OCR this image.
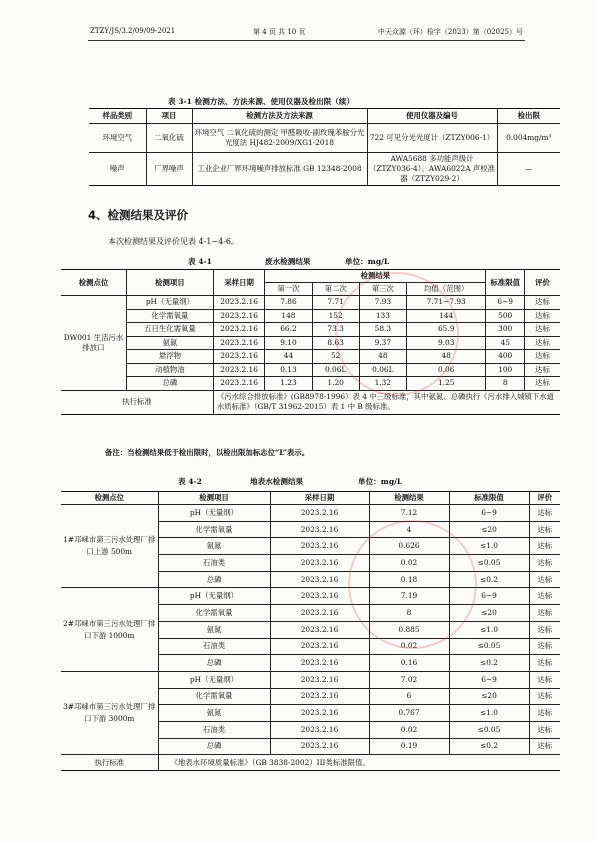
ZTZY/JS/3.2/09/09-2021	第 4 页 共 10 页	中天众源（环）检字（2023）第（02025）号
表 3-1 检测方法、方法来源、使用仪器及检出限（续）
样品类别	项目	检测方法及方法来源	使用仪器及编号	检出限
环境空气	二氧化硫	环境空气 二氧化硫的测定 甲醛吸收-副玫瑰苯胺分光光度法 HJ482-2009/XG1-2018	722 可见分光光度计（ZTZY006-1）	0.004mg/m³
噪声	厂界噪声	工业企业厂界环境噪声排放标准 GB 12348-2008	AWA5688 多功能声级计（ZTZY036-4）、AWA6022A 声校准器（ZTZY029-2）	—
4、检测结果及评价
本次检测结果及评价见表 4-1~4-6。
表 4-1	废水检测结果	单位：mg/L
检测点位	检测项目	采样日期	检测结果				标准限值	评价
			第一次	第二次	第三次	均值（范围）		
DW001 生活污水排放口	pH（无量纲）	2023.2.16	7.86	7.71	7.93	7.71~7.93	6~9	达标
	化学需氧量	2023.2.16	148	152	133	144	500	达标
	五日生化需氧量	2023.2.16	66.2	73.3	58.3	65.9	300	达标
	氨氮	2023.2.16	9.10	8.63	9.37	9.03	45	达标
	悬浮物	2023.2.16	44	52	48	48	400	达标
	动植物油	2023.2.16	0.13	0.06L	0.06L	0.06	100	达标
	总磷	2023.2.16	1.23	1.20	1.32	1.25	8	达标
执行标准		《污水综合排放标准》(GB8978-1996）表 4 中三级标准，其中氨氮、总磷执行《污水排入城镇下水道水质标准》（GB/T 31962-2015）表 1 中 B 级标准。						
备注：当检测结果低于检出限时，以检出限加标志位“L”表示。
表 4-2	地表水检测结果	单位：mg/L
检测点位	检测项目	采样日期	检测结果	标准限值	评价
1#邛崃市第三污水处理厂排口上游 500m	pH（无量纲）	2023.2.16	7.12	6~9	达标
	化学需氧量	2023.2.16	4	≤20	达标
	氨氮	2023.2.16	0.626	≤1.0	达标
	石油类	2023.2.16	0.02	≤0.05	达标
	总磷	2023.2.16	0.18	≤0.2	达标
2#邛崃市第三污水处理厂排口下游 1000m	pH（无量纲）	2023.2.16	7.19	6~9	达标
	化学需氧量	2023.2.16	8	≤20	达标
	氨氮	2023.2.16	0.885	≤1.0	达标
	石油类	2023.2.16	0.02	≤0.05	达标
	总磷	2023.2.16	0.16	≤0.2	达标
3#邛崃市第三污水处理厂排口下游 3000m	pH（无量纲）	2023.2.16	7.02	6~9	达标
	化学需氧量	2023.2.16	6	≤20	达标
	氨氮	2023.2.16	0.767	≤1.0	达标
	石油类	2023.2.16	0.02	≤0.05	达标
	总磷	2023.2.16	0.19	≤0.2	达标
执行标准	《地表水环境质量标准》（GB 3838-2002）III类标准限值。				
